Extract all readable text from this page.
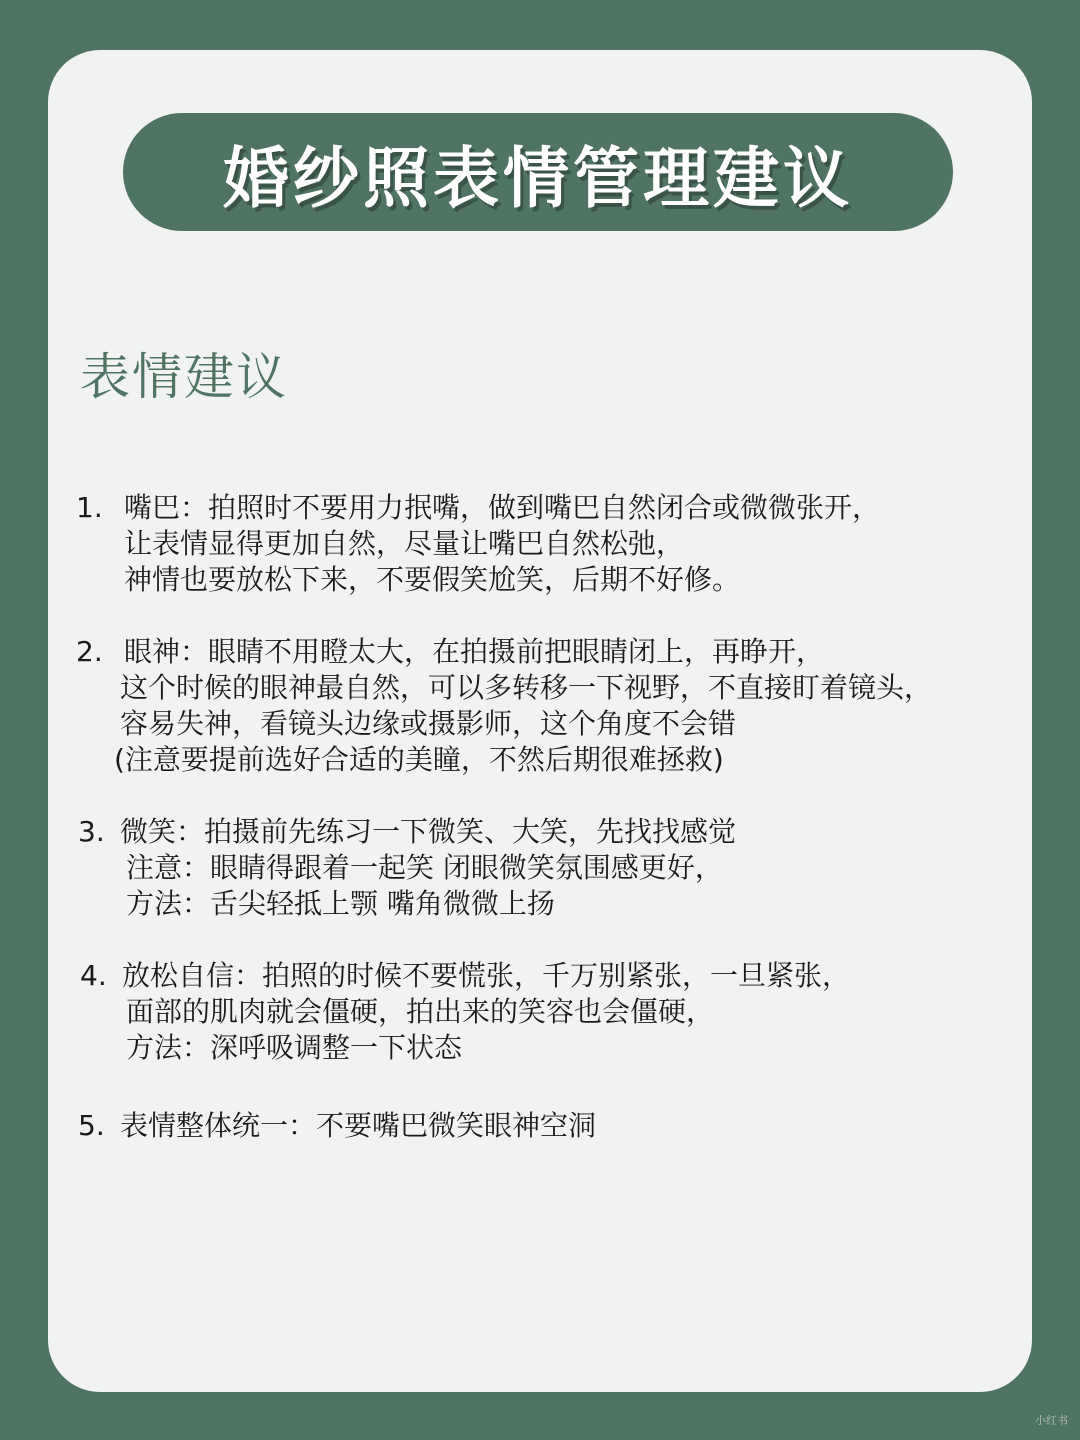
婚纱照表情管理建议
表情建议
1. 嘴巴：拍照时不要用力抿嘴，做到嘴巴自然闭合或微微张开，
让表情显得更加自然，尽量让嘴巴自然松弛，
神情也要放松下来，不要假笑尬笑，后期不好修。
2. 眼神：眼睛不用瞪太大，在拍摄前把眼睛闭上，再睁开，
这个时候的眼神最自然，可以多转移一下视野，不直接盯着镜头，
容易失神，看镜头边缘或摄影师，这个角度不会错
(注意要提前选好合适的美瞳，不然后期很难拯救)
3. 微笑：拍摄前先练习一下微笑、大笑，先找找感觉
注意：眼睛得跟着一起笑 闭眼微笑氛围感更好，
方法：舌尖轻抵上颚 嘴角微微上扬
4. 放松自信：拍照的时候不要慌张，千万别紧张，一旦紧张，
面部的肌肉就会僵硬，拍出来的笑容也会僵硬，
方法：深呼吸调整一下状态
5. 表情整体统一：不要嘴巴微笑眼神空洞
小红书
